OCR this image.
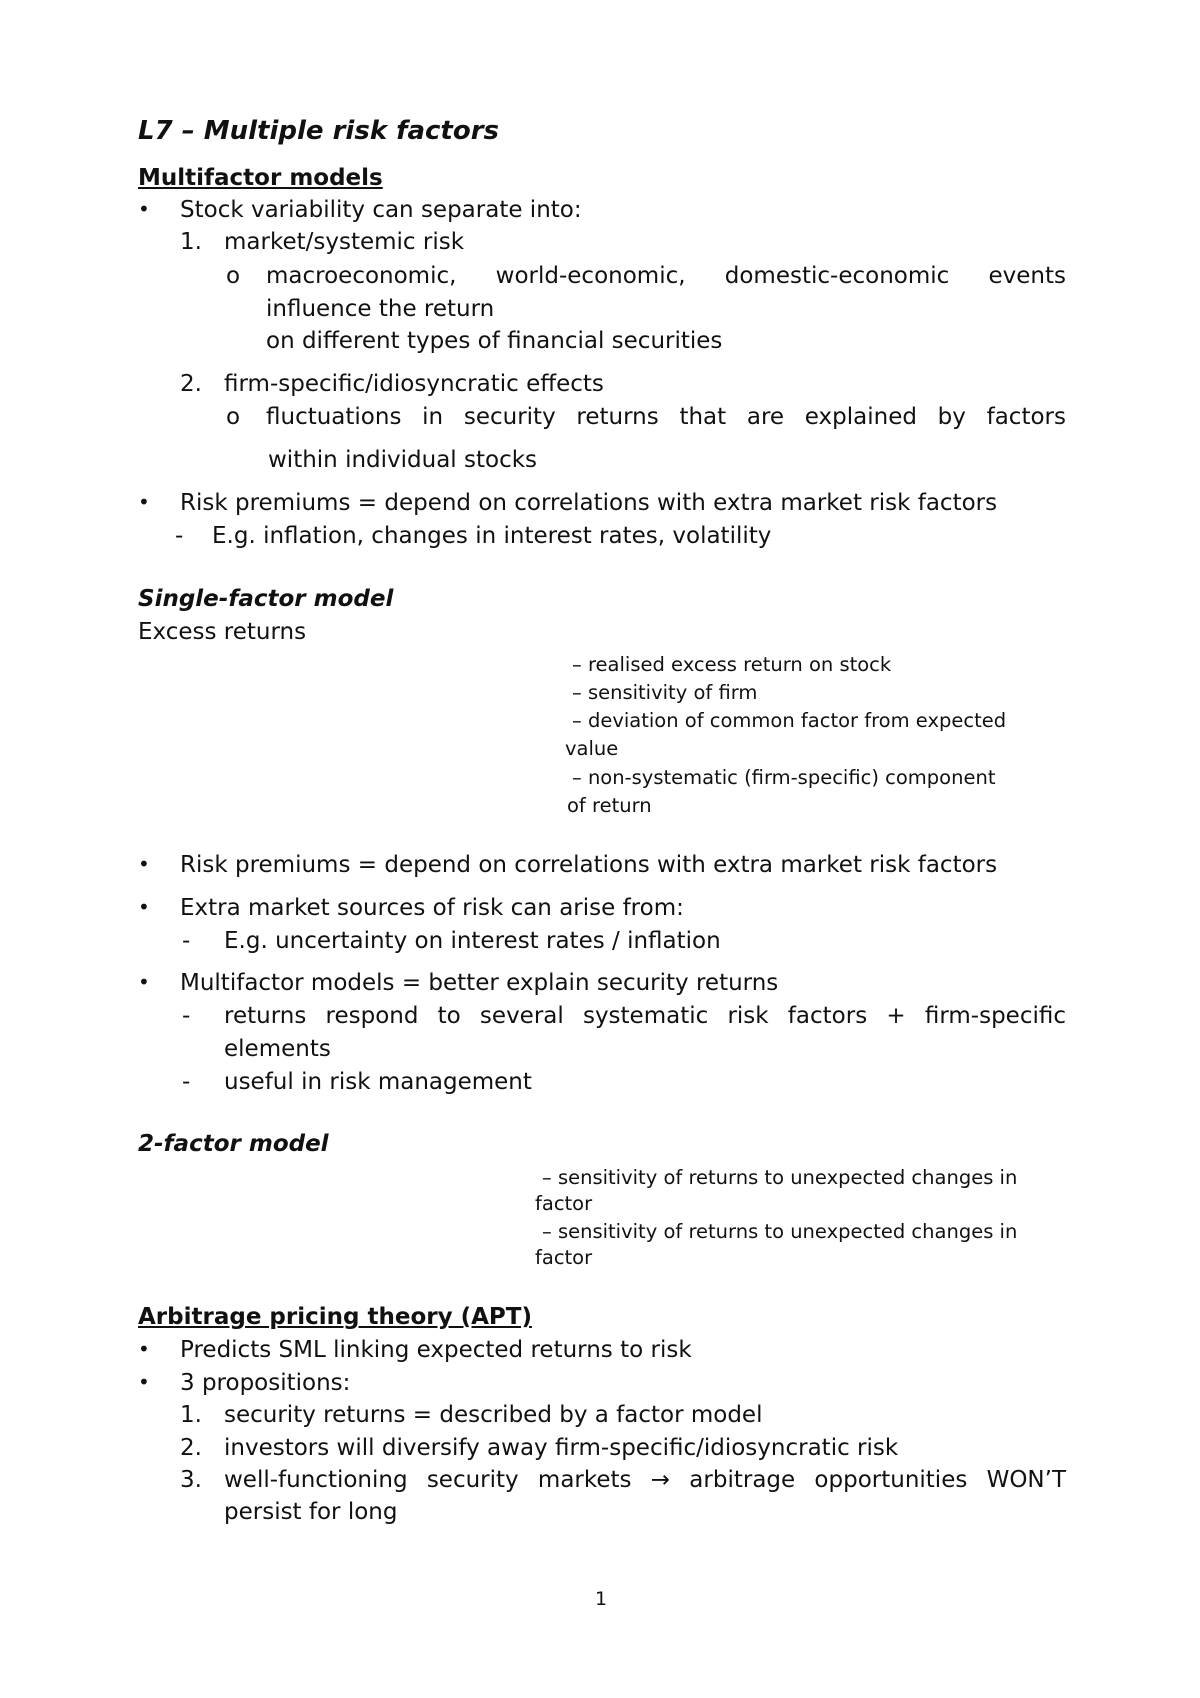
L7 – Multiple risk factors
Multifactor models
• Stock variability can separate into:
1. market/systemic risk
o macroeconomic, world-economic, domestic-economic events
influence the return
on different types of financial securities
2. firm-specific/idiosyncratic effects
o fluctuations in security returns that are explained by factors
within individual stocks
• Risk premiums = depend on correlations with extra market risk factors
- E.g. inflation, changes in interest rates, volatility
Single-factor model
Excess returns
– realised excess return on stock
– sensitivity of firm
– deviation of common factor from expected
value
– non-systematic (firm-specific) component
of return
• Risk premiums = depend on correlations with extra market risk factors
• Extra market sources of risk can arise from:
- E.g. uncertainty on interest rates / inflation
• Multifactor models = better explain security returns
- returns respond to several systematic risk factors + firm-specific
elements
- useful in risk management
2-factor model
– sensitivity of returns to unexpected changes in
factor
– sensitivity of returns to unexpected changes in
factor
Arbitrage pricing theory (APT)
• Predicts SML linking expected returns to risk
• 3 propositions:
1. security returns = described by a factor model
2. investors will diversify away firm-specific/idiosyncratic risk
3. well-functioning security markets → arbitrage opportunities WON’T
persist for long
1
